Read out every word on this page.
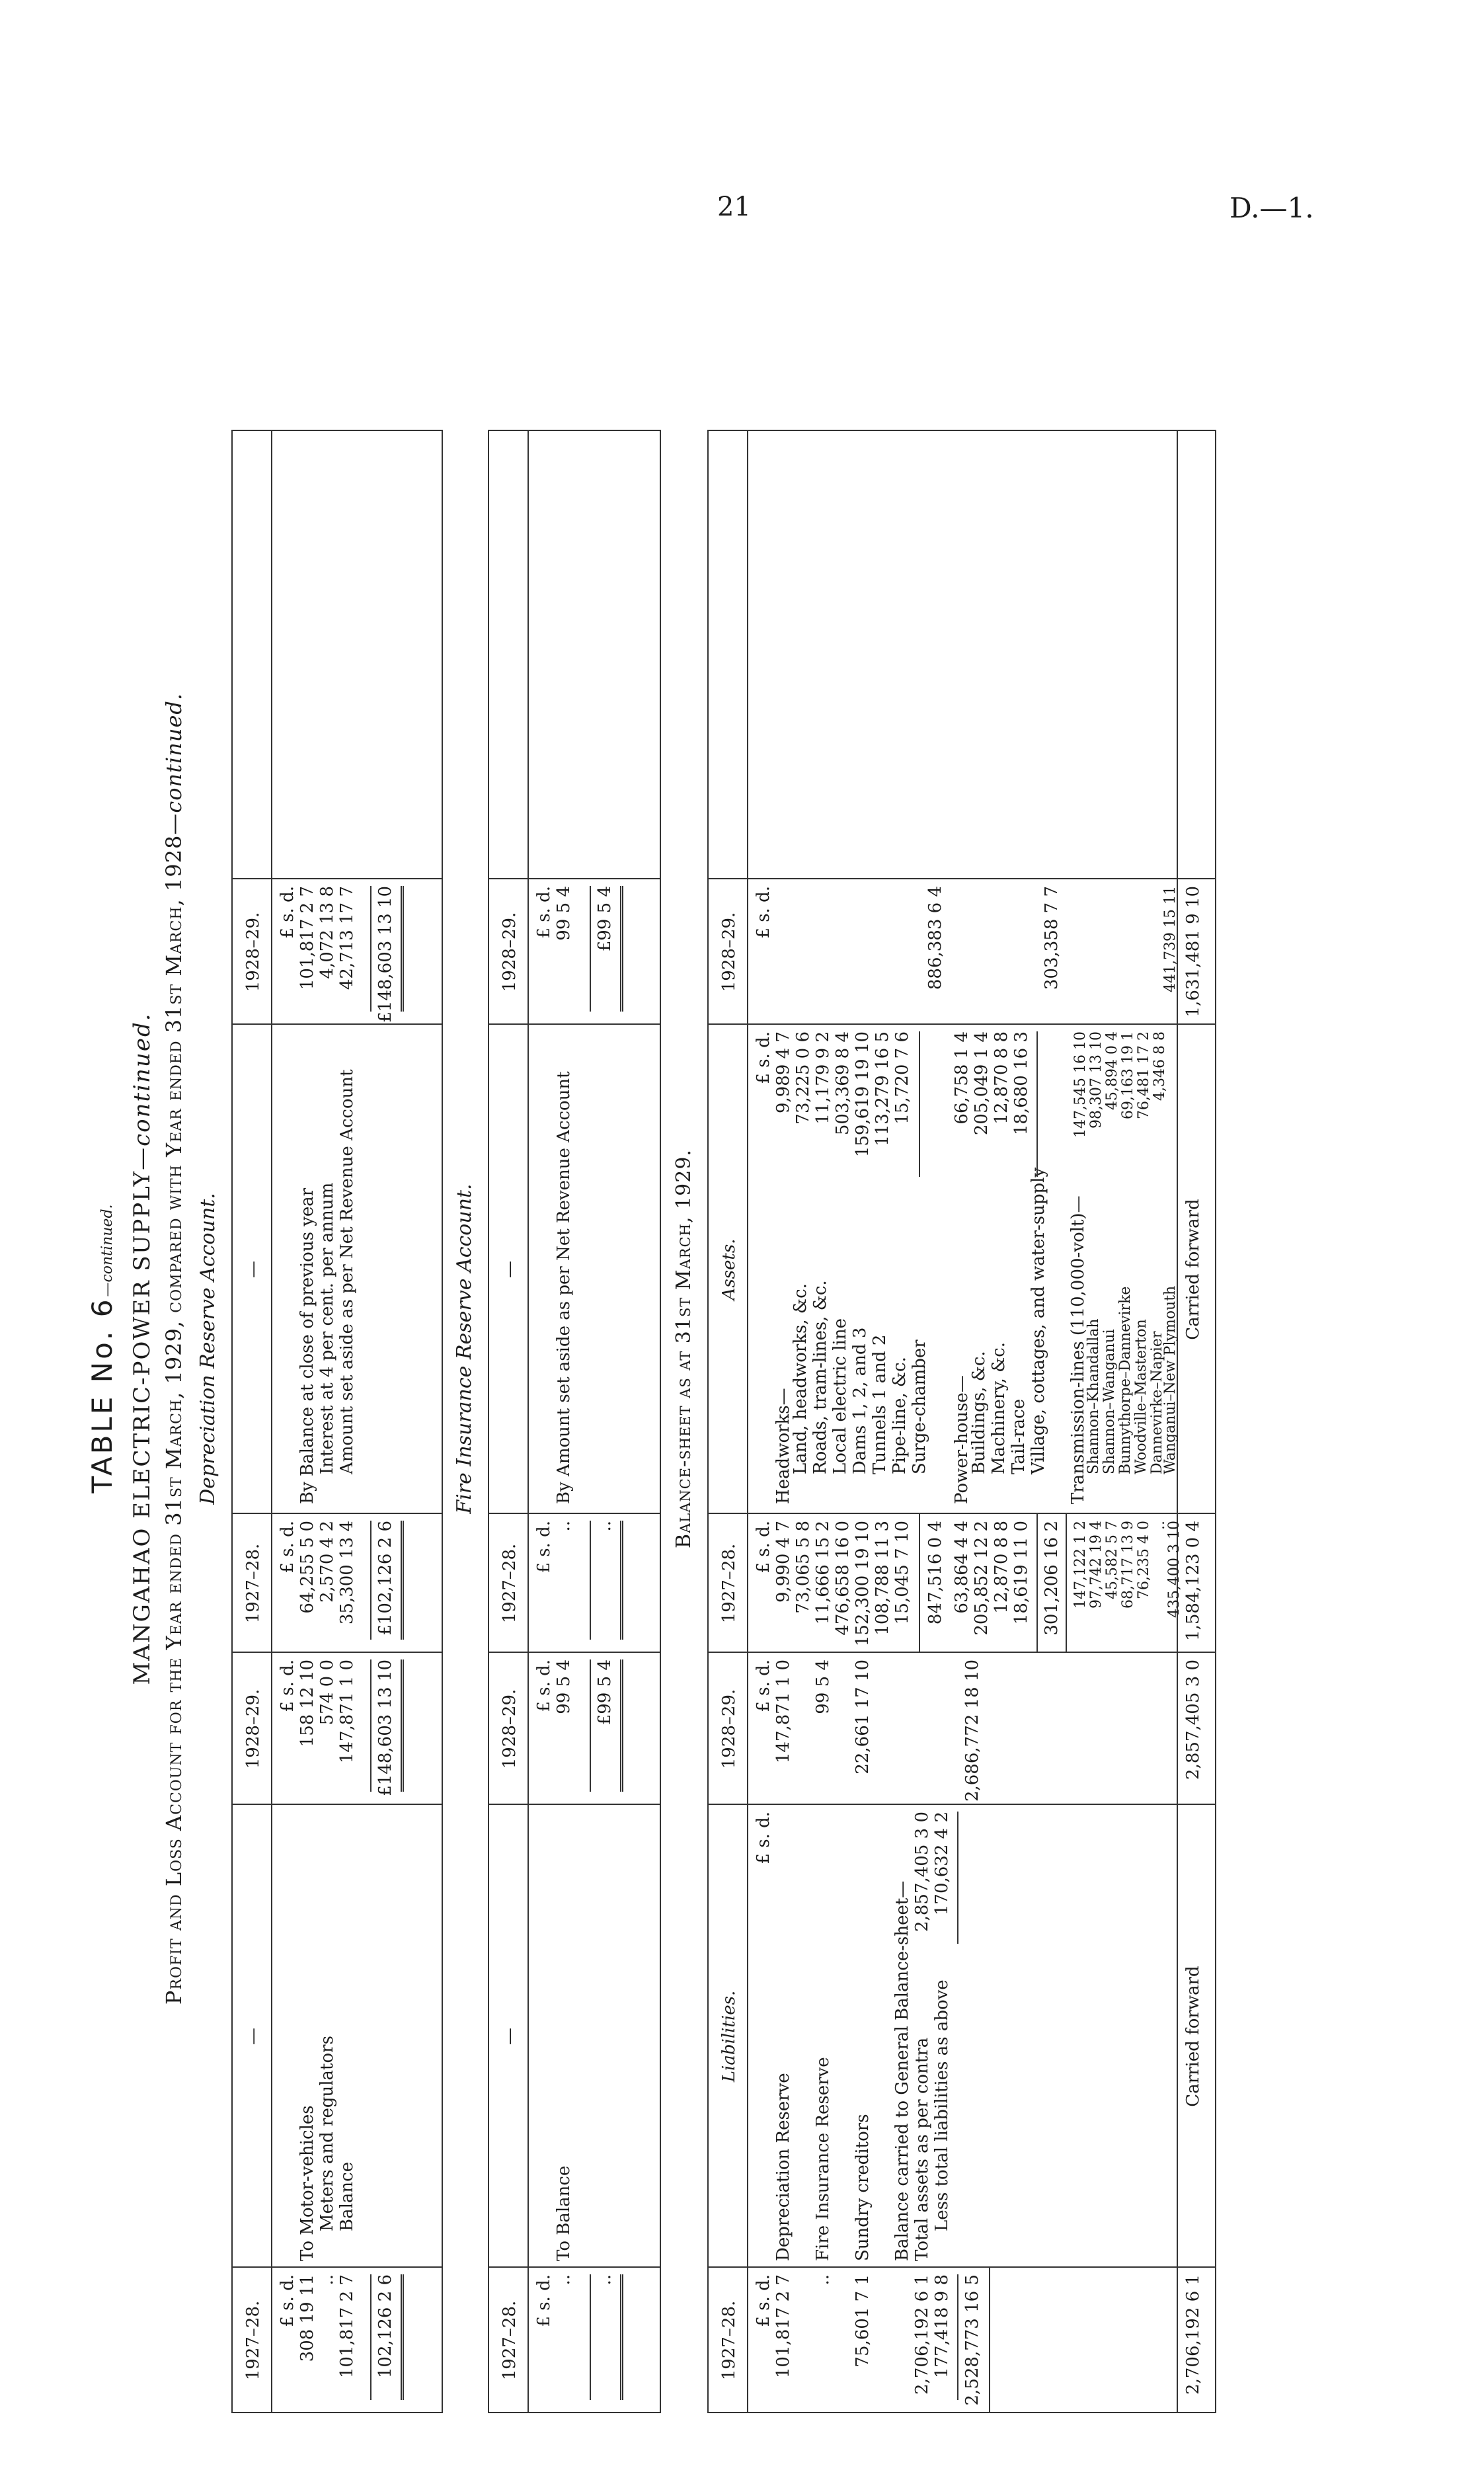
21	D.—1.
TABLE No. 6—continued. MANGAHAO ELECTRIC-POWER SUPPLY—continued. Profit and Loss Account for the Year ended 31st March, 1929, compared with Year ended 31st March, 1928—continued.
Depreciation Reserve Account.
1927–28.
—
1928–29.
1927–28.
—
1928–29.
£ s. d.
£ s. d.
£ s. d.
£ s. d.
308 19 11
To Motor-vehicles
158 12 10
..
Meters and regulators
574 0 0
101,817 2 7
Balance
147,871 1 0
64,255 5 0
By Balance at close of previous year
101,817 2 7
2,570 4 2
Interest at 4 per cent. per annum
4,072 13 8
35,300 13 4
Amount set aside as per Net Revenue Account
42,713 17 7
102,126 2 6
£148,603 13 10
£102,126 2 6
£148,603 13 10
Fire Insurance Reserve Account.
1927–28.
—
1928–29.
1927–28.
—
1928–29.
£ s. d.
£ s. d.
£ s. d.
£ s. d.
..
To Balance
99 5 4
..
By Amount set aside as per Net Revenue Account
99 5 4
..
£99 5 4
..
£99 5 4
Balance-sheet as at 31st March, 1929.
1927–28.
Liabilities.
1928–29.
1927–28.
Assets.
1928–29.
£ s. d.
£ s. d.
£ s. d.
£ s. d.
£ s. d.
£ s. d.
101,817 2 7
Depreciation Reserve
147,871 1 0
..
Fire Insurance Reserve
99 5 4
75,601 7 1
Sundry creditors
22,661 17 10
Balance carried to General Balance-sheet—
2,706,192 6 1
Total assets as per contra
2,857,405 3 0
177,418 9 8
Less total liabilities as above
170,632 4 2
2,528,773 16 5
2,686,772 18 10
2,706,192 6 1
Carried forward
2,857,405 3 0
Headworks—
9,990 4 7
Land, headworks, &c.
9,989 4 7
73,065 5 8
Roads, tram-lines, &c.
73,225 0 6
11,666 15 2
Local electric line
11,179 9 2
476,658 16 0
Dams 1, 2, and 3
503,369 8 4
152,300 19 10
Tunnels 1 and 2
159,619 19 10
108,788 11 3
Pipe-line, &c.
113,279 16 5
15,045 7 10
Surge-chamber
15,720 7 6
847,516 0 4
886,383 6 4
Power-house—
63,864 4 4
Buildings, &c.
66,758 1 4
205,852 12 2
Machinery, &c.
205,049 1 4
12,870 8 8
Tail-race
12,870 8 8
18,619 11 0
Village, cottages, and water-supply
18,680 16 3
301,206 16 2
303,358 7 7
Transmission-lines (110,000-volt)—
147,122 1 2
Shannon–Khandallah
147,545 16 10
97,742 19 4
Shannon–Wanganui
98,307 13 10
45,582 5 7
Bunnythorpe–Dannevirke
45,894 0 4
68,717 13 9
Woodville–Masterton
69,163 19 1
76,235 4 0
Dannevirke–Napier
76,481 17 2
..
Wanganui–New Plymouth
4,346 8 8
435,400 3 10
441,739 15 11
1,584,123 0 4
Carried forward
1,631,481 9 10
